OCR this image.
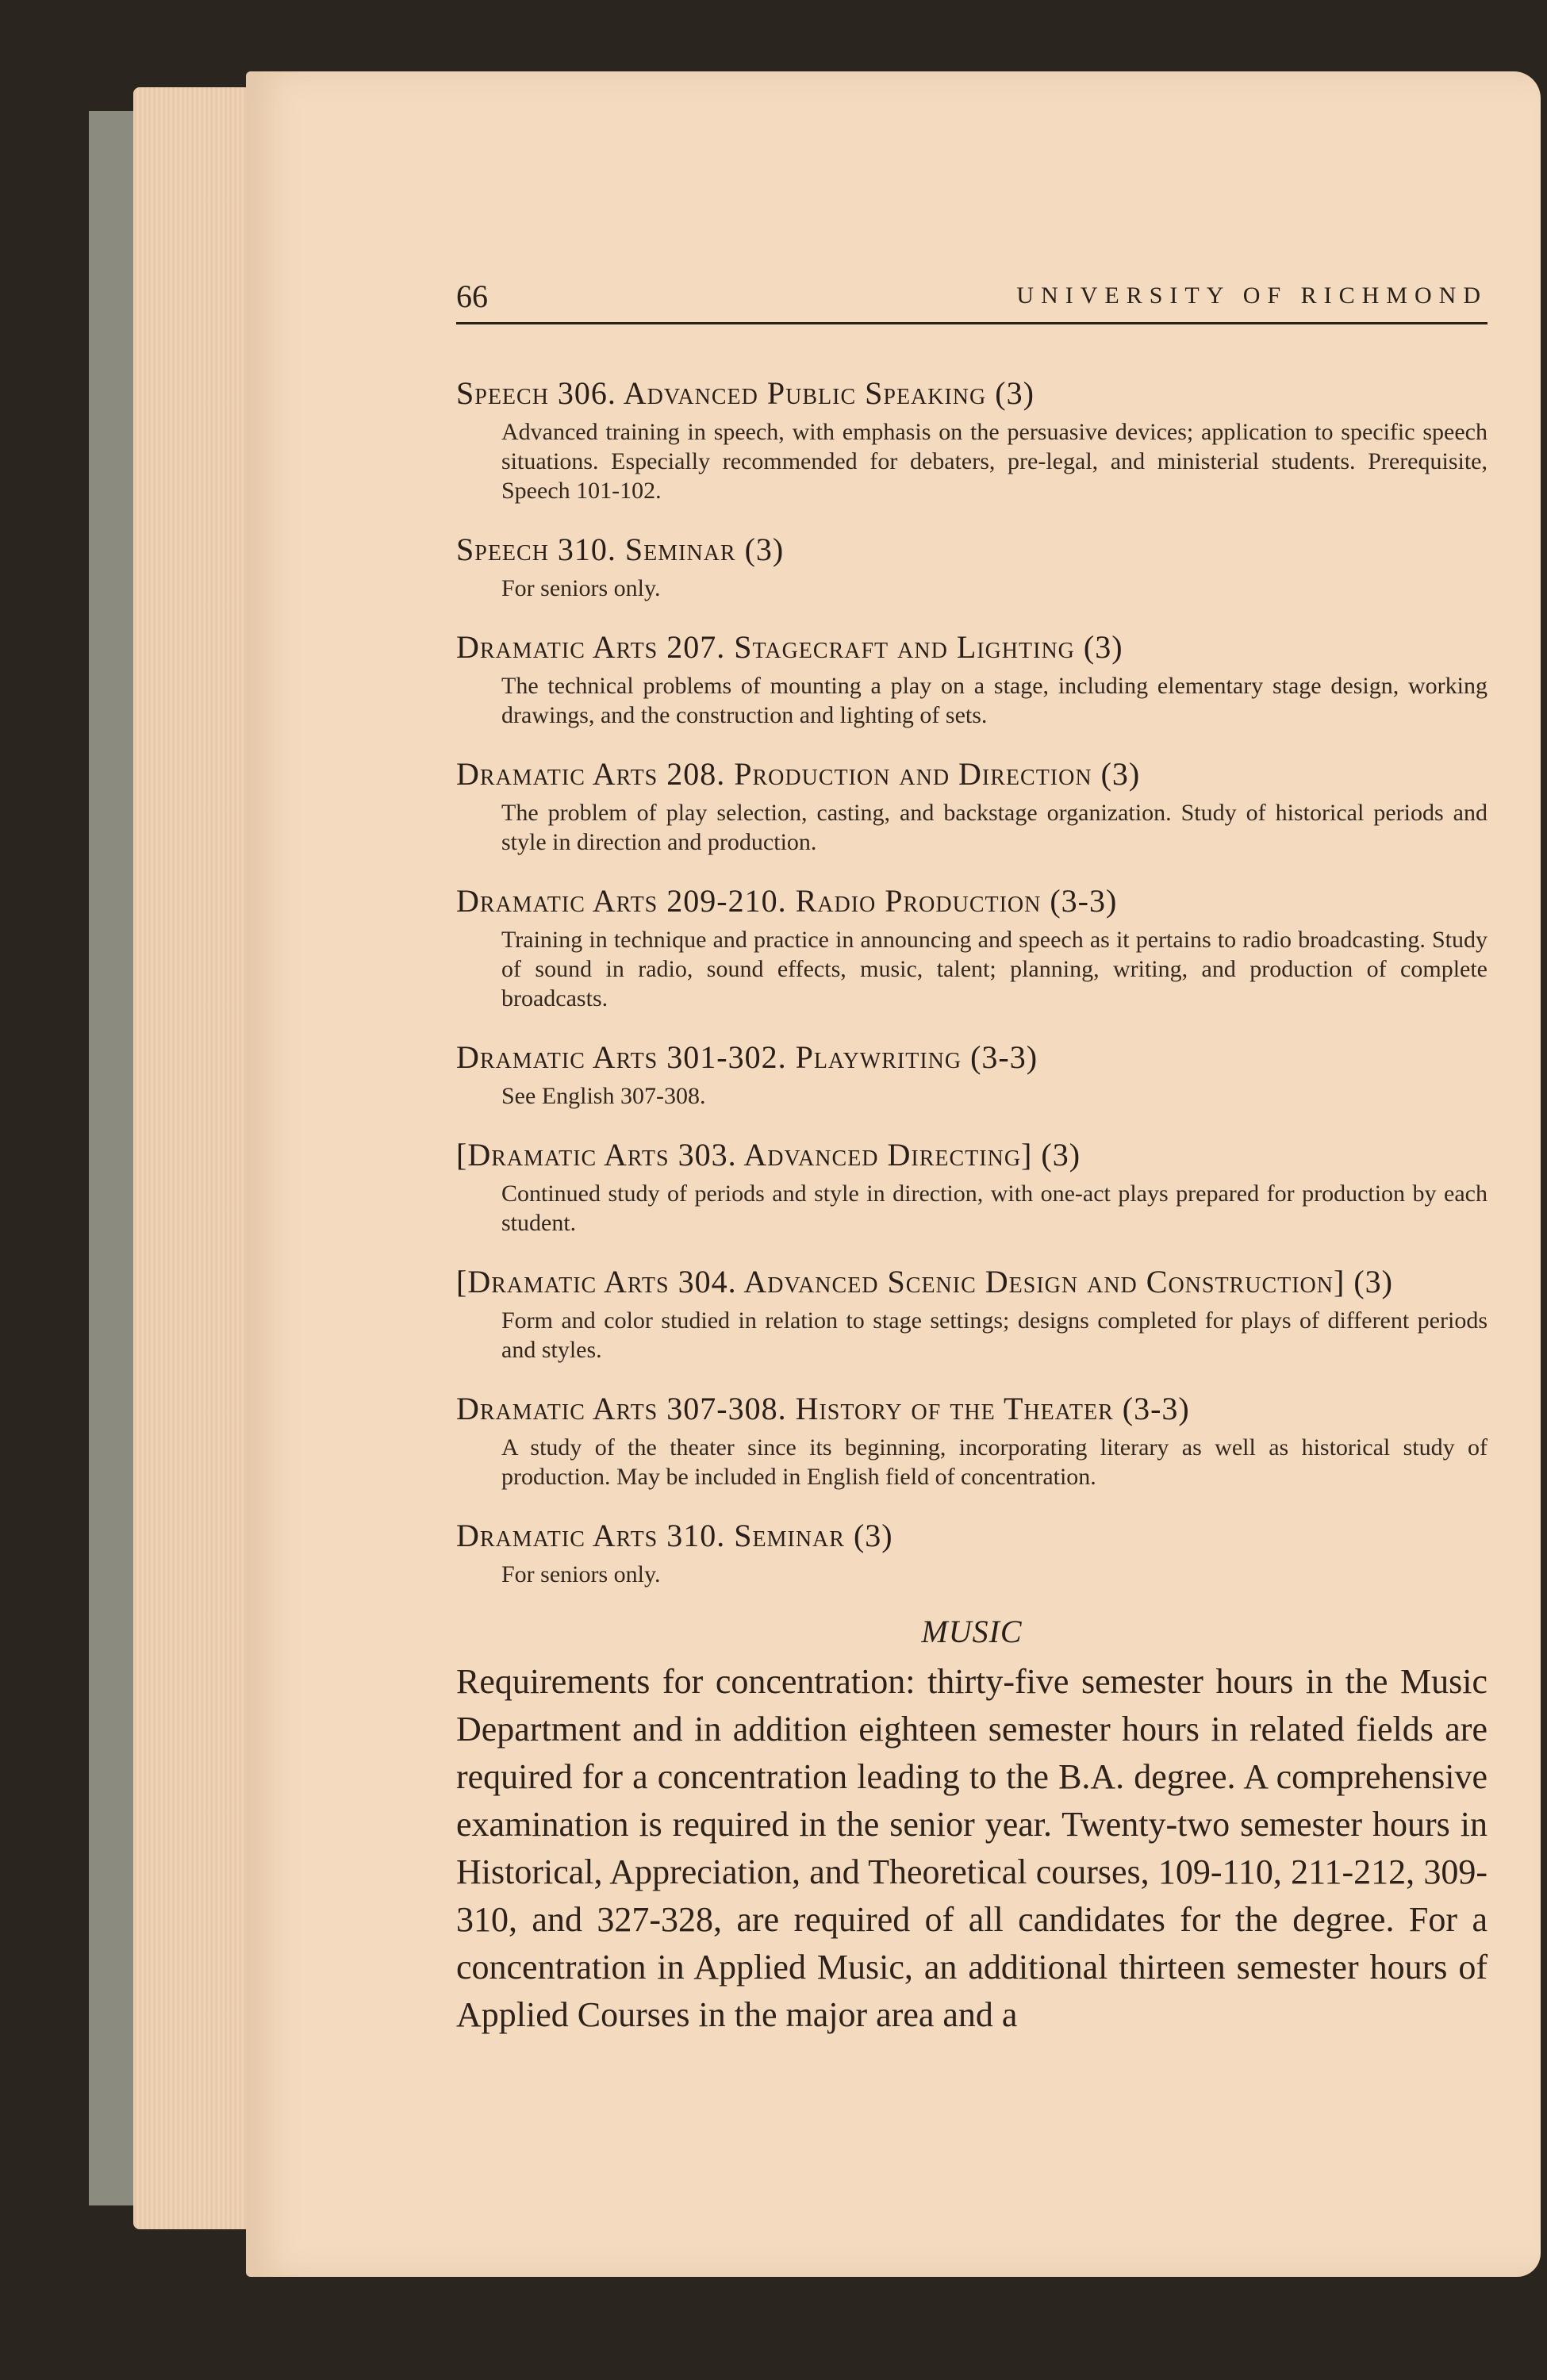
66	UNIVERSITY OF RICHMOND

Speech 306. Advanced Public Speaking (3)

Advanced training in speech, with emphasis on the persuasive devices; application to specific speech situations. Especially recommended for debaters, pre-legal, and ministerial students. Prerequisite, Speech 101-102.

Speech 310. Seminar (3)

For seniors only.

Dramatic Arts 207. Stagecraft and Lighting (3)

The technical problems of mounting a play on a stage, including elementary stage design, working drawings, and the construction and lighting of sets.

Dramatic Arts 208. Production and Direction (3)

The problem of play selection, casting, and backstage organization. Study of historical periods and style in direction and production.

Dramatic Arts 209-210. Radio Production (3-3)

Training in technique and practice in announcing and speech as it pertains to radio broadcasting. Study of sound in radio, sound effects, music, talent; planning, writing, and production of complete broadcasts.

Dramatic Arts 301-302. Playwriting (3-3)

See English 307-308.

[Dramatic Arts 303. Advanced Directing] (3)

Continued study of periods and style in direction, with one-act plays prepared for production by each student.

[Dramatic Arts 304. Advanced Scenic Design and Construction] (3)

Form and color studied in relation to stage settings; designs completed for plays of different periods and styles.

Dramatic Arts 307-308. History of the Theater (3-3)

A study of the theater since its beginning, incorporating literary as well as historical study of production. May be included in English field of concentration.

Dramatic Arts 310. Seminar (3)

For seniors only.

MUSIC

Requirements for concentration: thirty-five semester hours in the Music Department and in addition eighteen semester hours in related fields are required for a concentration leading to the B.A. degree. A comprehensive examination is required in the senior year. Twenty-two semester hours in Historical, Appreciation, and Theoretical courses, 109-110, 211-212, 309-310, and 327-328, are required of all candidates for the degree. For a concentration in Applied Music, an additional thirteen semester hours of Applied Courses in the major area and a
